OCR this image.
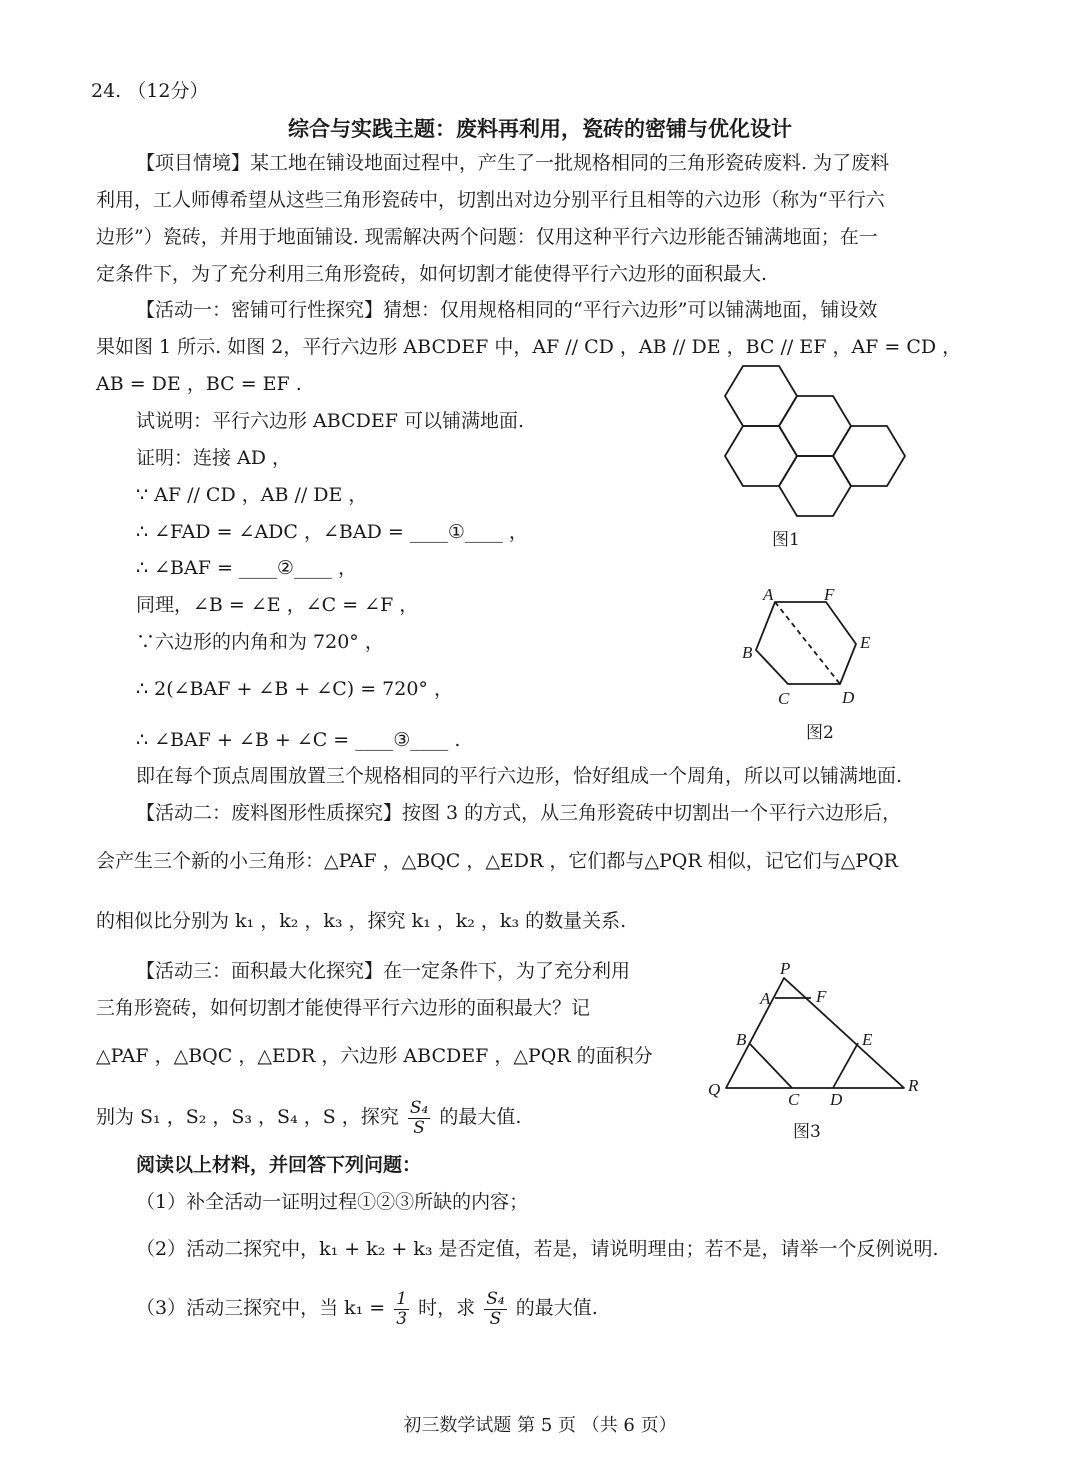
24. （12分）
综合与实践主题：废料再利用，瓷砖的密铺与优化设计
【项目情境】某工地在铺设地面过程中，产生了一批规格相同的三角形瓷砖废料. 为了废料
利用，工人师傅希望从这些三角形瓷砖中，切割出对边分别平行且相等的六边形（称为“平行六
边形”）瓷砖，并用于地面铺设. 现需解决两个问题：仅用这种平行六边形能否铺满地面；在一
定条件下，为了充分利用三角形瓷砖，如何切割才能使得平行六边形的面积最大.
【活动一：密铺可行性探究】猜想：仅用规格相同的“平行六边形”可以铺满地面，铺设效
果如图 1 所示. 如图 2，平行六边形 ABCDEF 中，AF // CD ，AB // DE ，BC // EF ，AF = CD ，
AB = DE ，BC = EF .
试说明：平行六边形 ABCDEF 可以铺满地面.
证明：连接 AD ，
∵ AF // CD ，AB // DE ，
∴ ∠FAD = ∠ADC ，∠BAD = ____①____ ，
∴ ∠BAF = ____②____ ，
同理，∠B = ∠E ，∠C = ∠F ，
∵六边形的内角和为 720° ，
∴ 2(∠BAF + ∠B + ∠C) = 720° ，
∴ ∠BAF + ∠B + ∠C = ____③____ .
即在每个顶点周围放置三个规格相同的平行六边形，恰好组成一个周角，所以可以铺满地面.
【活动二：废料图形性质探究】按图 3 的方式，从三角形瓷砖中切割出一个平行六边形后，
会产生三个新的小三角形：△PAF ，△BQC ，△EDR ，它们都与△PQR 相似，记它们与△PQR
的相似比分别为 k₁ ，k₂ ，k₃ ，探究 k₁ ，k₂ ，k₃ 的数量关系.
【活动三：面积最大化探究】在一定条件下，为了充分利用
三角形瓷砖，如何切割才能使得平行六边形的面积最大？记
△PAF ，△BQC ，△EDR ，六边形 ABCDEF ，△PQR 的面积分
别为 S₁ ，S₂ ，S₃ ，S₄ ，S ，探究 $\frac{\text{S₄}}{S}$ 的最大值.
阅读以上材料，并回答下列问题：
（1）补全活动一证明过程①②③所缺的内容；
（2）活动二探究中，k₁ + k₂ + k₃ 是否定值，若是，请说明理由；若不是，请举一个反例说明.
（3）活动三探究中，当 $k_1 = \frac{1}{3}$ 时，求 $\frac{\text{S₄}}{S}$ 的最大值.
图1
A	F
E
B
C	D
图2
P
A	F
B	E
Q
C D
R
图3
初三数学试题 第 5 页 （共 6 页）
